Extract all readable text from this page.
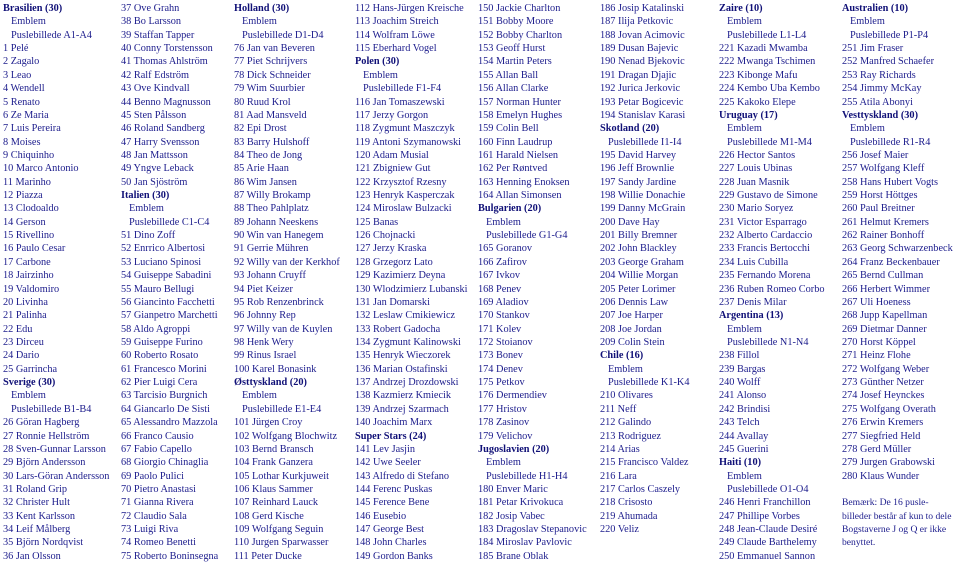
Brasilien (30)
Emblem
Puslebillede A1-A4
1 Pelé
2 Zagalo
3 Leao
4 Wendell
5 Renato
6 Ze Maria
7 Luis Pereira
8 Moises
9 Chiquinho
10 Marco Antonio
11 Marinho
12 Piazza
13 Clodoaldo
14 Gerson
15 Rivellino
16 Paulo Cesar
17 Carbone
18 Jairzinho
19 Valdomiro
20 Livinha
21 Palinha
22 Edu
23 Dirceu
24 Dario
25 Garrincha
Sverige (30)
Emblem
Puslebillede B1-B4
26 Göran Hagberg
27 Ronnie Hellström
28 Sven-Gunnar Larsson
29 Björn Andersson
30 Lars-Göran Andersson
31 Roland Grip
32 Christer Hult
33 Kent Karlsson
34 Leif Målberg
35 Björn Nordqvist
36 Jan Olsson
37 Ove Grahn
38 Bo Larsson
39 Staffan Tapper
40 Conny Torstensson
41 Thomas Ahlström
42 Ralf Edström
43 Ove Kindvall
44 Benno Magnusson
45 Sten Pålsson
46 Roland Sandberg
47 Harry Svensson
48 Jan Mattsson
49 Yngve Leback
50 Jan Sjöström
Italien (30)
Emblem
Puslebillede C1-C4
51 Dino Zoff
52 Enrrico Albertosi
53 Luciano Spinosi
54 Guiseppe Sabadini
55 Mauro Bellugi
56 Giancinto Facchetti
57 Gianpetro Marchetti
58 Aldo Agroppi
59 Guiseppe Furino
60 Roberto Rosato
61 Francesco Morini
62 Pier Luigi Cera
63 Tarcisio Burgnich
64 Giancarlo De Sisti
65 Alessandro Mazzola
66 Franco Causio
67 Fabio Capello
68 Giorgio Chinaglia
69 Paolo Pulici
70 Pietro Anastasi
71 Gianna Rivera
72 Claudio Sala
73 Luigi Riva
74 Romeo Benetti
75 Roberto Boninsegna
Holland (30)
Emblem
Puslebillede D1-D4
76 Jan van Beveren
77 Piet Schrijvers
78 Dick Schneider
79 Wim Suurbier
80 Ruud Krol
81 Aad Mansveld
82 Epi Drost
83 Barry Hulshoff
84 Theo de Jong
85 Arie Haan
86 Wim Jansen
87 Willy Brokamp
88 Theo Pahlplatz
89 Johann Neeskens
90 Win van Hanegem
91 Gerrie Mühren
92 Willy van der Kerkhof
93 Johann Cruyff
94 Piet Keizer
95 Rob Renzenbrinck
96 Johnny Rep
97 Willy van de Kuylen
98 Henk Wery
99 Rinus Israel
100 Karel Bonasink
Østtyskland (20)
Emblem
Puslebillede E1-E4
101 Jürgen Croy
102 Wolfgang Blochwitz
103 Bernd Bransch
104 Frank Ganzera
105 Lothar Kurkjuweit
106 Klaus Sammer
107 Reinhard Lauck
108 Gerd Kische
109 Wolfgang Seguin
110 Jurgen Sparwasser
111 Peter Ducke
112 Hans-Jürgen Kreische
113 Joachim Streich
114 Wolfram Löwe
115 Eberhard Vogel
Polen (30)
Emblem
Puslebillede F1-F4
116 Jan Tomaszewski
117 Jerzy Gorgon
118 Zygmunt Maszczyk
119 Antoni Szymanowski
120 Adam Musial
121 Zbigniew Gut
122 Krzysztof Rzesny
123 Henryk Kasperczak
124 Miroslaw Bulzacki
125 Banas
126 Chojnacki
127 Jerzy Kraska
128 Grzegorz Lato
129 Kazimierz Deyna
130 Wlodzimierz Lubanski
131 Jan Domarski
132 Leslaw Cmikiewicz
133 Robert Gadocha
134 Zygmunt Kalinowski
135 Henryk Wieczorek
136 Marian Ostafinski
137 Andrzej Drozdowski
138 Kazmierz Kmiecik
139 Andrzej Szarmach
140 Joachim Marx
Super Stars (24)
141 Lev Jasjin
142 Uwe Seeler
143 Alfredo di Stefano
144 Ferenc Puskas
145 Ference Bene
146 Eusebio
147 George Best
148 John Charles
149 Gordon Banks
150 Jackie Charlton
151 Bobby Moore
152 Bobby Charlton
153 Geoff Hurst
154 Martin Peters
155 Allan Ball
156 Allan Clarke
157 Norman Hunter
158 Emelyn Hughes
159 Colin Bell
160 Finn Laudrup
161 Harald Nielsen
162 Per Røntved
163 Henning Enoksen
164 Allan Simonsen
Bulgarien (20)
Emblem
Puslebillede G1-G4
165 Goranov
166 Zafirov
167 Ivkov
168 Penev
169 Aladiov
170 Stankov
171 Kolev
172 Stoianov
173 Bonev
174 Denev
175 Petkov
176 Dermendiev
177 Hristov
178 Zasinov
179 Velichov
Jugoslavien (20)
Emblem
Puslebillede H1-H4
180 Enver Maric
181 Petar Krivokuca
182 Josip Vabec
183 Dragoslav Stepanovic
184 Miroslav Pavlovic
185 Brane Oblak
186 Josip Katalinski
187 Ilija Petkovic
188 Jovan Acimovic
189 Dusan Bajevic
190 Nenad Bjekovic
191 Dragan Djajic
192 Jurica Jerkovic
193 Petar Bogicevic
194 Stanislav Karasi
Skotland (20)
Puslebillede I1-I4
195 David Harvey
196 Jeff Brownlie
197 Sandy Jardine
198 Willie Donachie
199 Danny McGrain
200 Dave Hay
201 Billy Bremner
202 John Blackley
203 George Graham
204 Willie Morgan
205 Peter Lorimer
206 Dennis Law
207 Joe Harper
208 Joe Jordan
209 Colin Stein
Chile (16)
Emblem
Puslebillede K1-K4
210 Olivares
211 Neff
212 Galindo
213 Rodriguez
214 Arias
215 Francisco Valdez
216 Lara
217 Carlos Caszely
218 Crisosto
219 Ahumada
220 Veliz
Zaire (10)
Emblem
Puslebillede L1-L4
221 Kazadi Mwamba
222 Mwanga Tschimen
223 Kibonge Mafu
224 Kembo Uba Kembo
225 Kakoko Elepe
Uruguay (17)
Emblem
Puslebillede M1-M4
226 Hector Santos
227 Louis Ubinas
228 Juan Masnik
229 Gustavo de Simone
230 Mario Soryez
231 Victor Esparrago
232 Alberto Cardaccio
233 Francis Bertocchi
234 Luis Cubilla
235 Fernando Morena
236 Ruben Romeo Corbo
237 Denis Milar
Argentina (13)
Emblem
Puslebillede N1-N4
238 Fillol
239 Bargas
240 Wolff
241 Alonso
242 Brindisi
243 Telch
244 Avallay
245 Guerini
Haiti (10)
Emblem
Puslebillede O1-O4
246 Henri Franchillon
247 Phillipe Vorbes
248 Jean-Claude Desiré
249 Claude Barthelemy
250 Emmanuel Sannon
Australien (10)
Emblem
Puslebillede P1-P4
251 Jim Fraser
252 Manfred Schaefer
253 Ray Richards
254 Jimmy McKay
255 Atila Abonyi
Vesttyskland (30)
Emblem
Puslebillede R1-R4
256 Josef Maier
257 Wolfgang Kleff
258 Hans Hubert Vogts
259 Horst Höttges
260 Paul Breitner
261 Helmut Kremers
262 Rainer Bonhoff
263 Georg Schwarzenbeck
264 Franz Beckenbauer
265 Bernd Cullman
266 Herbert Wimmer
267 Uli Hoeness
268 Jupp Kapellman
269 Dietmar Danner
270 Horst Köppel
271 Heinz Flohe
272 Wolfgang Weber
273 Günther Netzer
274 Josef Heynckes
275 Wolfgang Overath
276 Erwin Kremers
277 Siegfried Held
278 Gerd Müller
279 Jurgen Grabowski
280 Klaus Wunder
Bemærk: De 16 pusle-
billeder består af kun to dele
Bogstaverne J og Q er ikke
benyttet.
